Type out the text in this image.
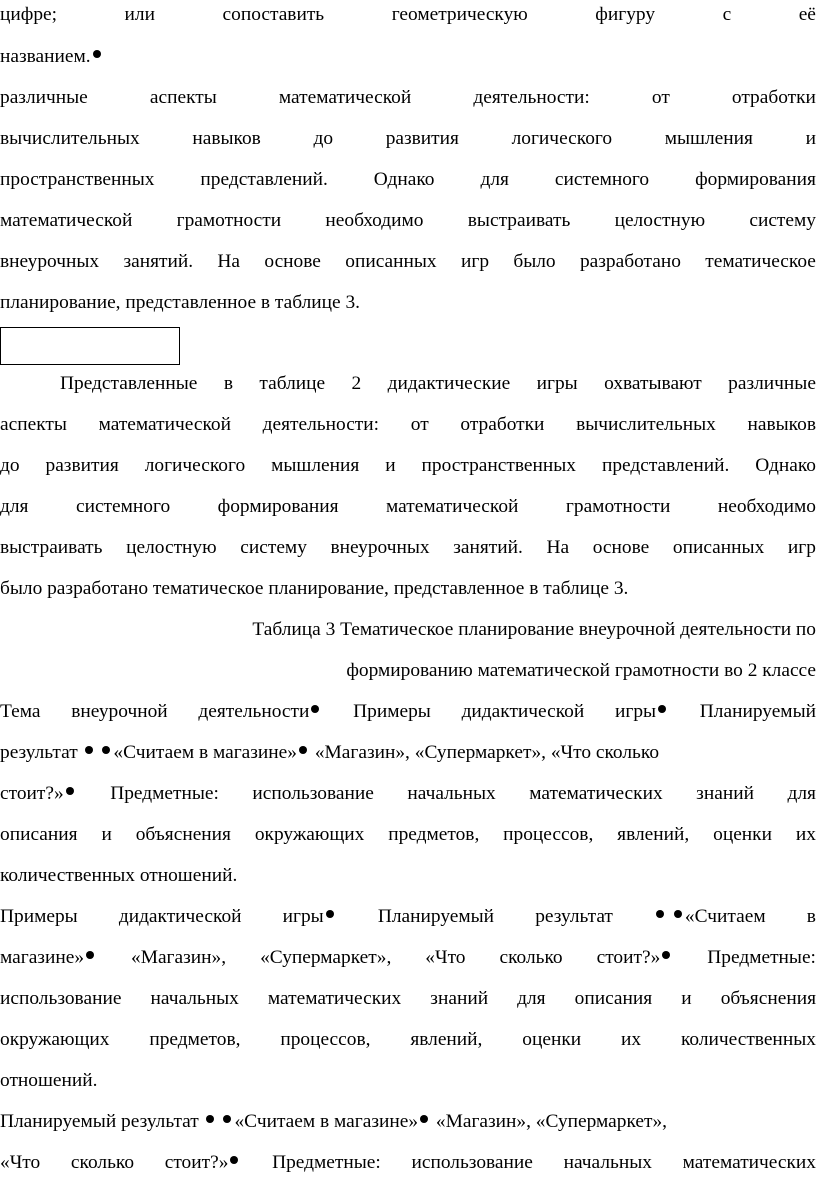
цифре;	или	сопоставить	геометрическую	фигуру	с	её
названием.
различные	аспекты	математической	деятельности:	от	отработки
вычислительных	навыков	до	развития	логического	мышления	и
пространственных представлений. Однако для системного формирования
математической грамотности необходимо выстраивать целостную систему
внеурочных занятий. На основе описанных игр было разработано тематическое
планирование, представленное в таблице 3.
Представленные в таблице 2 дидактические игры охватывают различные
аспекты математической деятельности: от отработки вычислительных навыков
до развития логического мышления и пространственных представлений. Однако
для системного формирования математической грамотности необходимо
выстраивать целостную систему внеурочных занятий. На основе описанных игр
было разработано тематическое планирование, представленное в таблице 3.
Таблица 3 Тематическое планирование внеурочной деятельности по
формированию математической грамотности во 2 классе
Тема внеурочной деятельности	Примеры дидактической игры	Планируемый
результат  «Считаем в магазине» «Магазин», «Супермаркет», «Что сколько
стоит?»	Предметные: использование начальных математических знаний для
описания и объяснения окружающих предметов, процессов, явлений, оценки их
количественных отношений.
Примеры дидактической игры	Планируемый результат	«Считаем в
магазине»	«Магазин», «Супермаркет», «Что сколько стоит?»	Предметные:
использование начальных математических знаний для описания и объяснения
окружающих предметов, процессов, явлений, оценки их количественных
отношений.
Планируемый результат  «Считаем в магазине» «Магазин», «Супермаркет»,
«Что сколько стоит?»	Предметные: использование начальных математических
